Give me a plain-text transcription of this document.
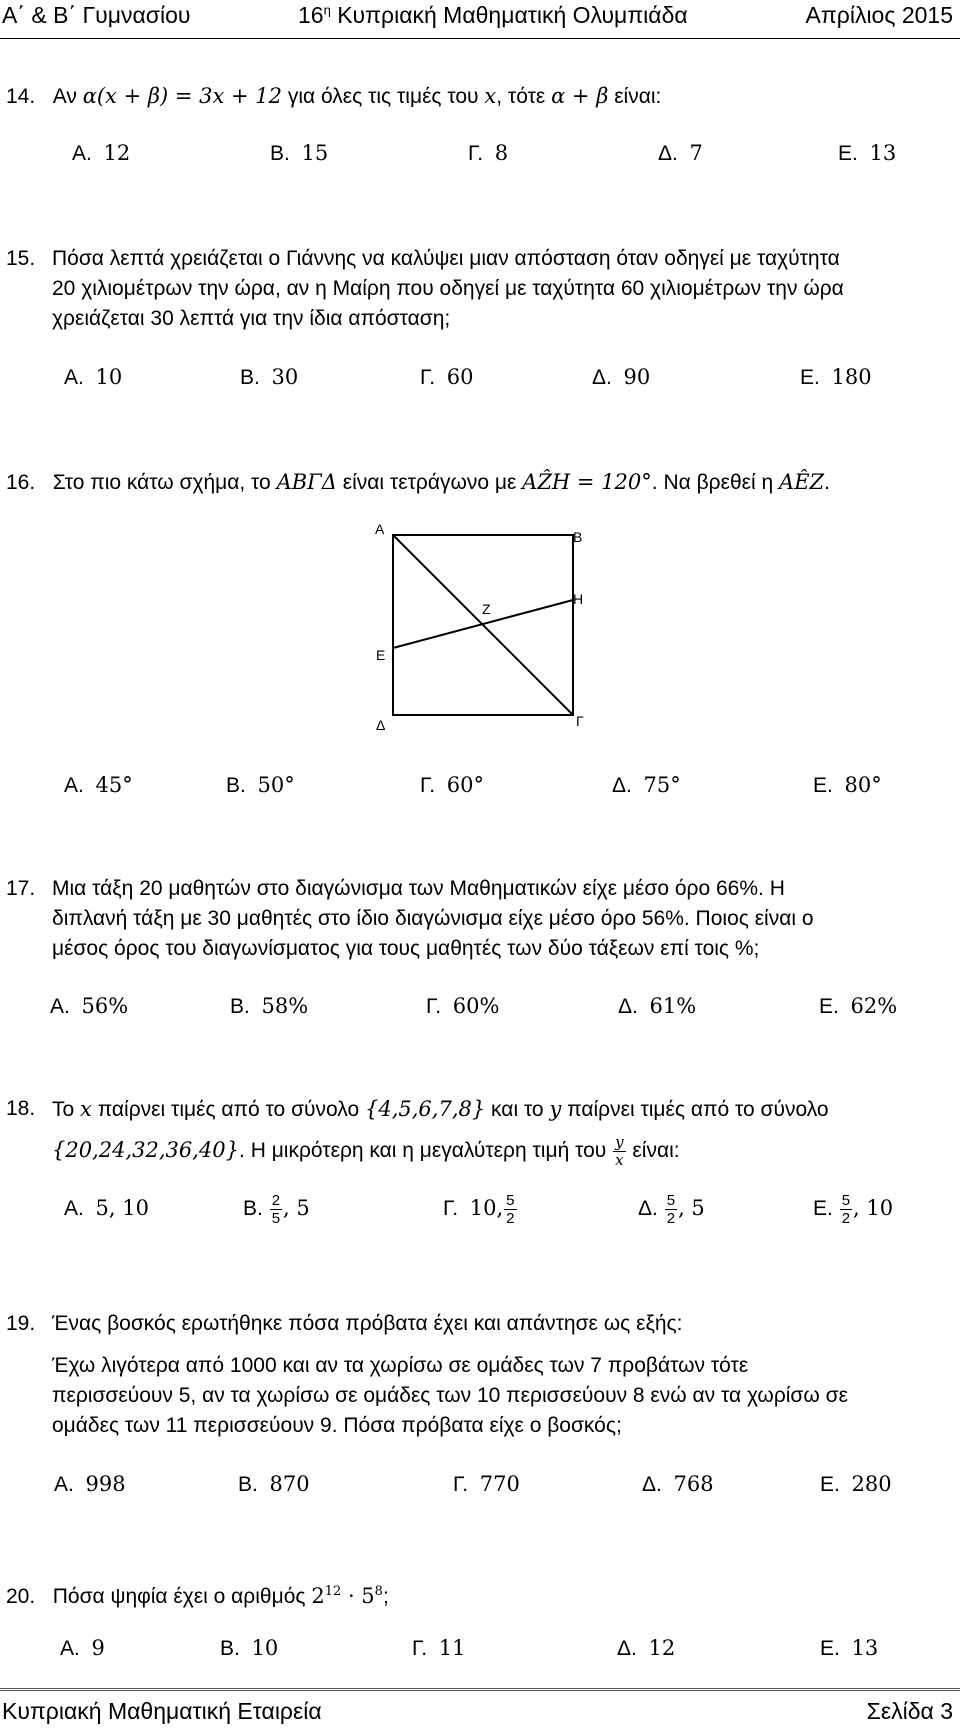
Α΄ & Β΄ Γυμνασίου	$16^\eta$ Κυπριακή Μαθηματική Ολυμπιάδα	Απρίλιος 2015
14. Αν α(x + β) = 3x + 12 για όλες τις τιμές του x, τότε α + β είναι:
Α. 12	Β. 15	Γ. 8	Δ. 7	Ε. 13
15. Πόσα λεπτά χρειάζεται ο Γιάννης να καλύψει μιαν απόσταση όταν οδηγεί με ταχύτητα
20 χιλιομέτρων την ώρα, αν η Μαίρη που οδηγεί με ταχύτητα 60 χιλιομέτρων την ώρα
χρειάζεται 30 λεπτά για την ίδια απόσταση;
Α. 10	Β. 30	Γ. 60	Δ. 90	Ε. 180
16. Στο πιο κάτω σχήμα, το ΑΒΓΔ είναι τετράγωνο με ΑẐΗ = 120°. Να βρεθεί η ΑÊΖ.
Α	Β
Γ
Δ
Ε
Ζ
Η
Α. 45°	Β. 50°	Γ. 60°	Δ. 75°	Ε. 80°
17. Μια τάξη 20 μαθητών στο διαγώνισμα των Μαθηματικών είχε μέσο όρο 66%. Η
διπλανή τάξη με 30 μαθητές στο ίδιο διαγώνισμα είχε μέσο όρο 56%. Ποιος είναι ο
μέσος όρος του διαγωνίσματος για τους μαθητές των δύο τάξεων επί τοις %;
Α. 56%	Β. 58%	Γ. 60%	Δ. 61%	Ε. 62%
18. Το x παίρνει τιμές από το σύνολο {4,5,6,7,8} και το y παίρνει τιμές από το σύνολο
{20,24,32,36,40}. Η μικρότερη και η μεγαλύτερη τιμή του $\frac{y}{x} \varepsilon ί\nu\alpha\iota$:
Α. 5, 10	Β. $\frac{2}{5}$ , 5	Γ. 10, $\frac{5}{2}$	Δ. $\frac{5}{2}$ , 5	Ε. $\frac{5}{2}$ , 10
19. Ένας βοσκός ερωτήθηκε πόσα πρόβατα έχει και απάντησε ως εξής:
Έχω λιγότερα από 1000 και αν τα χωρίσω σε ομάδες των 7 προβάτων τότε
περισσεύουν 5, αν τα χωρίσω σε ομάδες των 10 περισσεύουν 8 ενώ αν τα χωρίσω σε
ομάδες των 11 περισσεύουν 9. Πόσα πρόβατα είχε ο βοσκός;
Α. 998	Β. 870	Γ. 770	Δ. 768	Ε. 280
20. Πόσα ψηφία έχει ο αριθμός $2^{12} \cdot 5^8$;
Α. 9	Β. 10	Γ. 11	Δ. 12	Ε. 13
Κυπριακή Μαθηματική Εταιρεία	Σελίδα 3
